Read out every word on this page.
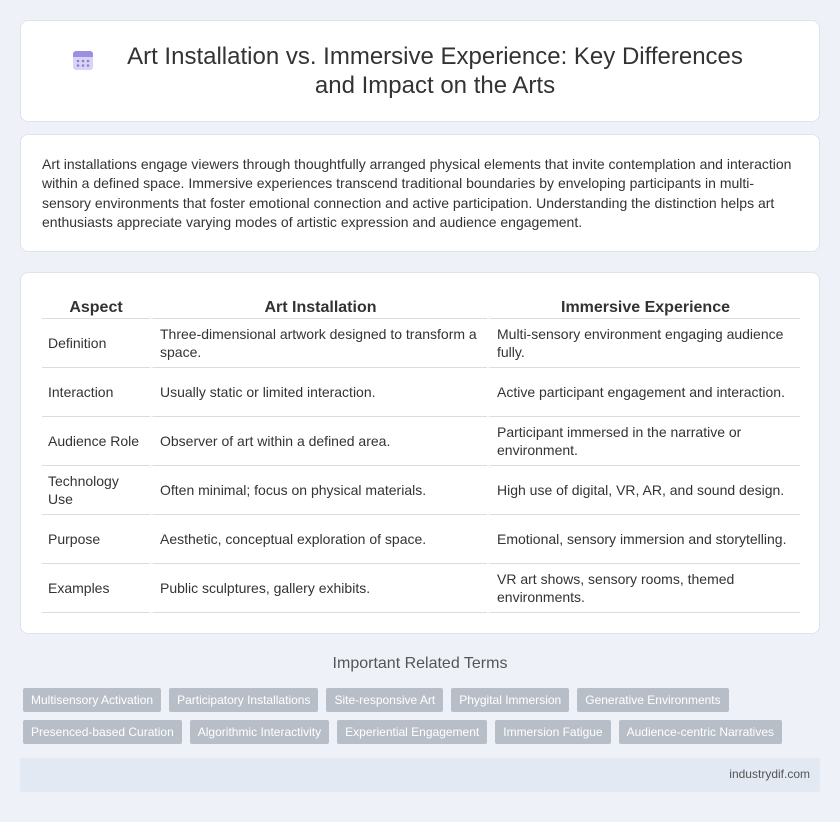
Art Installation vs. Immersive Experience: Key Differences and Impact on the Arts

Art installations engage viewers through thoughtfully arranged physical elements that invite contemplation and interaction within a defined space. Immersive experiences transcend traditional boundaries by enveloping participants in multi-sensory environments that foster emotional connection and active participation. Understanding the distinction helps art enthusiasts appreciate varying modes of artistic expression and audience engagement.

Aspect	Art Installation	Immersive Experience
Definition	Three-dimensional artwork designed to transform a space.	Multi-sensory environment engaging audience fully.
Interaction	Usually static or limited interaction.	Active participant engagement and interaction.
Audience Role	Observer of art within a defined area.	Participant immersed in the narrative or environment.
Technology Use	Often minimal; focus on physical materials.	High use of digital, VR, AR, and sound design.
Purpose	Aesthetic, conceptual exploration of space.	Emotional, sensory immersion and storytelling.
Examples	Public sculptures, gallery exhibits.	VR art shows, sensory rooms, themed environments.
Important Related Terms
Multisensory Activation	Participatory Installations	Site-responsive Art	Phygital Immersion	Generative Environments
Presenced-based Curation	Algorithmic Interactivity	Experiential Engagement	Immersion Fatigue	Audience-centric Narratives
industrydif.com
